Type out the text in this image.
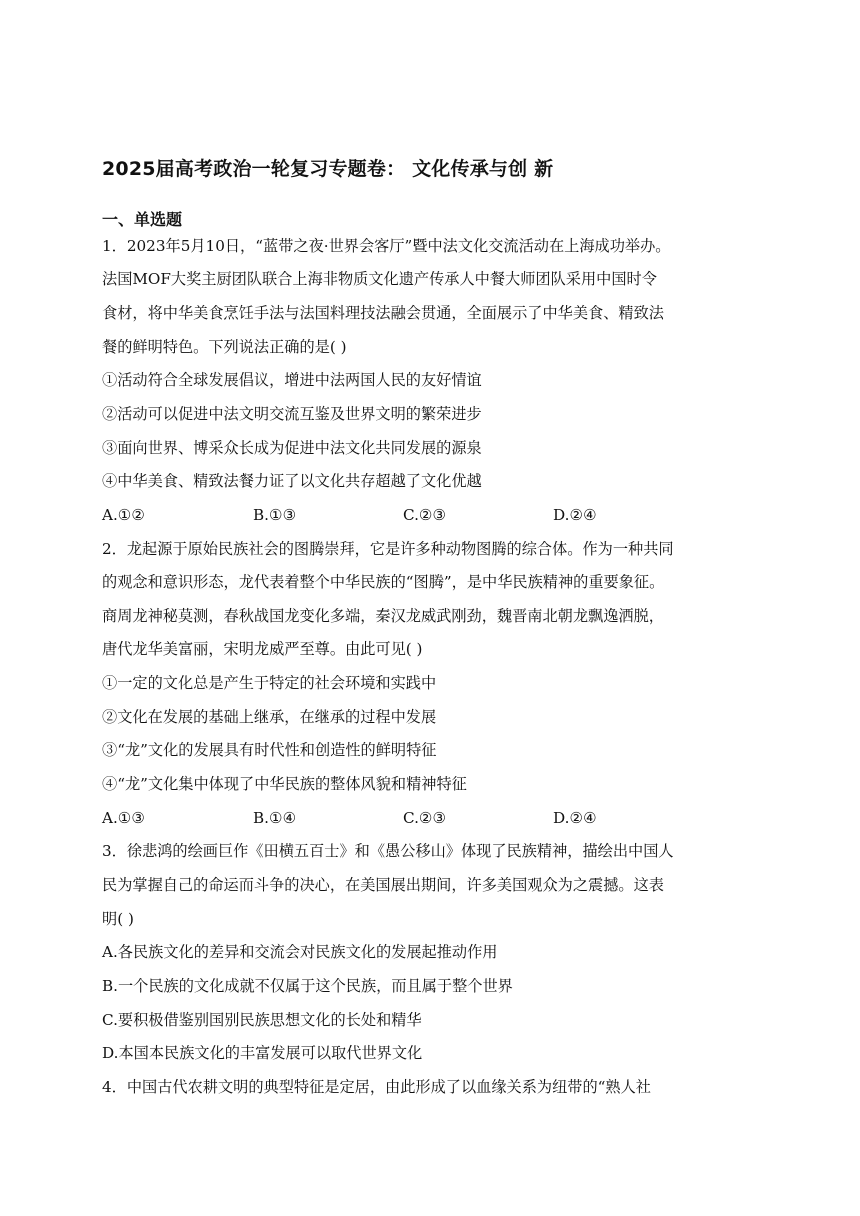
2025届高考政治一轮复习专题卷： 文化传承与创 新
一、单选题
1．2023年5月10日，“蓝带之夜·世界会客厅”暨中法文化交流活动在上海成功举办。
法国MOF大奖主厨团队联合上海非物质文化遗产传承人中餐大师团队采用中国时令
食材，将中华美食烹饪手法与法国料理技法融会贯通，全面展示了中华美食、精致法
餐的鲜明特色。下列说法正确的是( )
①活动符合全球发展倡议，增进中法两国人民的友好情谊
②活动可以促进中法文明交流互鉴及世界文明的繁荣进步
③面向世界、博采众长成为促进中法文化共同发展的源泉
④中华美食、精致法餐力证了以文化共存超越了文化优越
A.①②	B.①③	C.②③	D.②④
2．龙起源于原始民族社会的图腾崇拜，它是许多种动物图腾的综合体。作为一种共同
的观念和意识形态，龙代表着整个中华民族的“图腾”，是中华民族精神的重要象征。
商周龙神秘莫测，春秋战国龙变化多端，秦汉龙威武刚劲，魏晋南北朝龙飘逸洒脱，
唐代龙华美富丽，宋明龙威严至尊。由此可见( )
①一定的文化总是产生于特定的社会环境和实践中
②文化在发展的基础上继承，在继承的过程中发展
③“龙”文化的发展具有时代性和创造性的鲜明特征
④“龙”文化集中体现了中华民族的整体风貌和精神特征
A.①③	B.①④	C.②③	D.②④
3．徐悲鸿的绘画巨作《田横五百士》和《愚公移山》体现了民族精神，描绘出中国人
民为掌握自己的命运而斗争的决心，在美国展出期间，许多美国观众为之震撼。这表
明( )
A.各民族文化的差异和交流会对民族文化的发展起推动作用
B.一个民族的文化成就不仅属于这个民族，而且属于整个世界
C.要积极借鉴别国别民族思想文化的长处和精华
D.本国本民族文化的丰富发展可以取代世界文化
4．中国古代农耕文明的典型特征是定居，由此形成了以血缘关系为纽带的“熟人社
